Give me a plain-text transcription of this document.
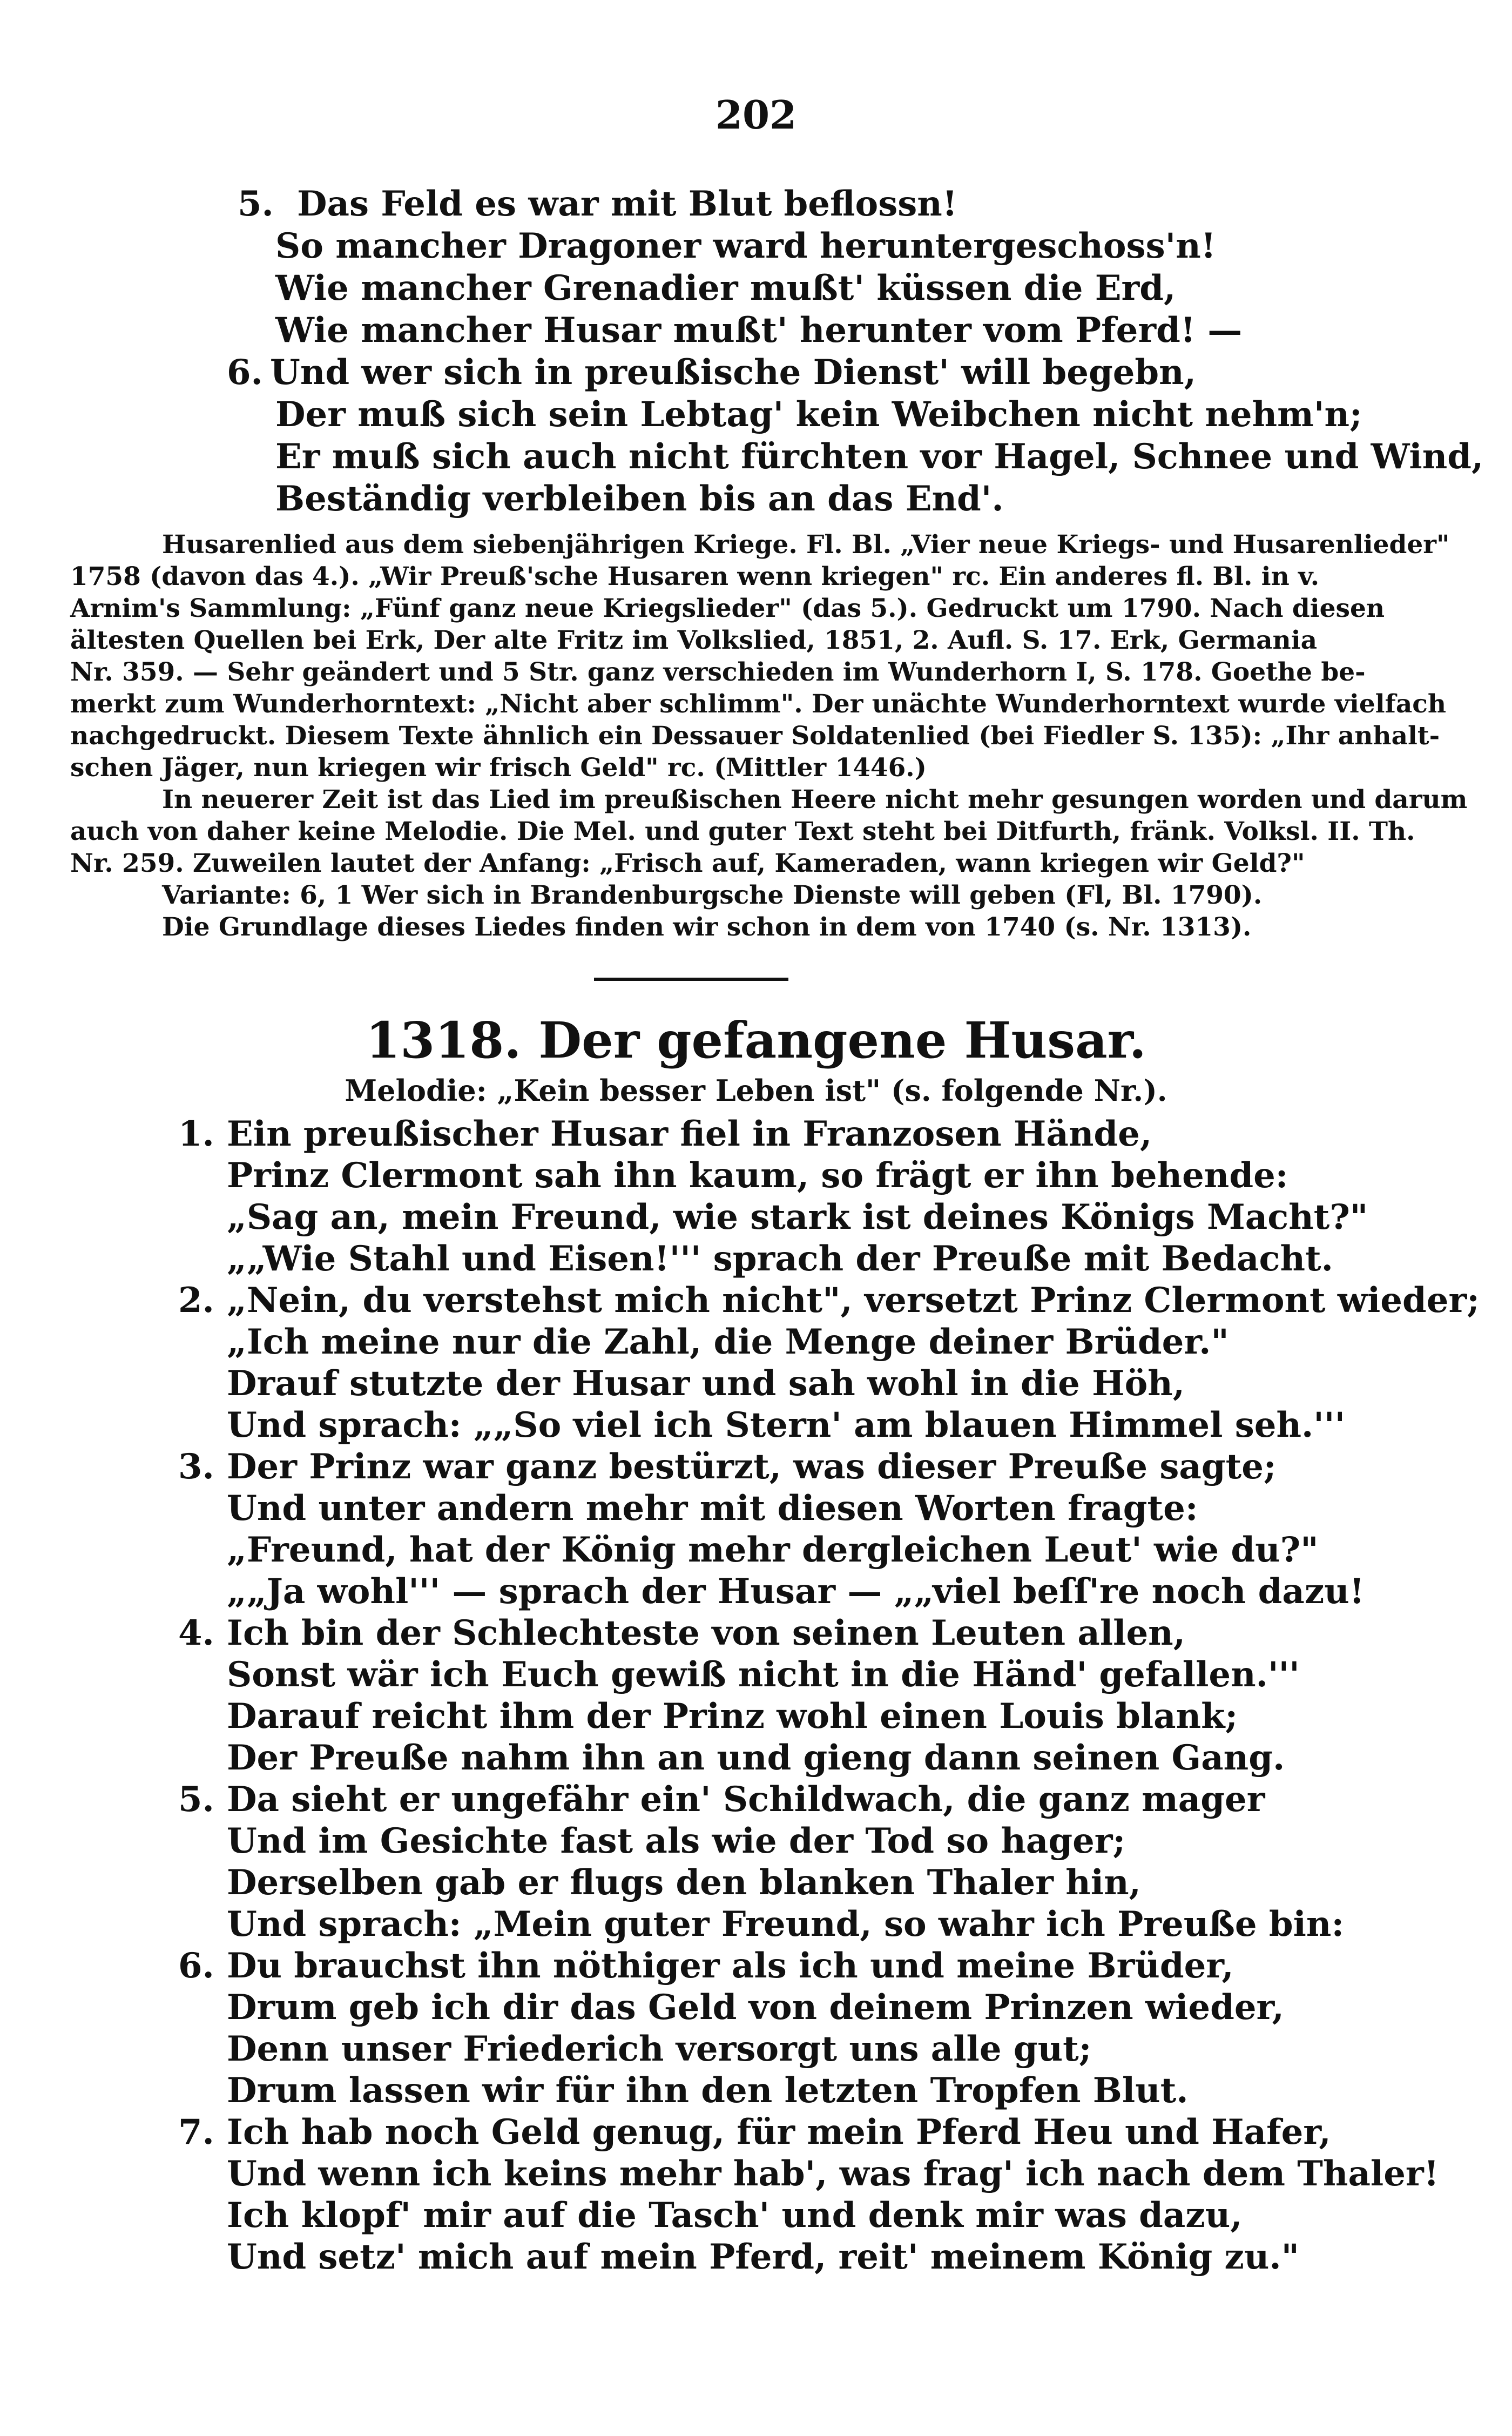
202
5. Das Feld es war mit Blut beflossn!
So mancher Dragoner ward heruntergeschoss'n!
Wie mancher Grenadier mußt' küssen die Erd,
Wie mancher Husar mußt' herunter vom Pferd! —
6. Und wer sich in preußische Dienst' will begebn,
Der muß sich sein Lebtag' kein Weibchen nicht nehm'n;
Er muß sich auch nicht fürchten vor Hagel, Schnee und Wind,
Beständig verbleiben bis an das End'.
Husarenlied aus dem siebenjährigen Kriege. Fl. Bl. „Vier neue Kriegs- und Husarenlieder"
1758 (davon das 4.). „Wir Preuß'sche Husaren wenn kriegen" rc. Ein anderes fl. Bl. in v.
Arnim's Sammlung: „Fünf ganz neue Kriegslieder" (das 5.). Gedruckt um 1790. Nach diesen
ältesten Quellen bei Erk, Der alte Fritz im Volkslied, 1851, 2. Aufl. S. 17. Erk, Germania
Nr. 359. — Sehr geändert und 5 Str. ganz verschieden im Wunderhorn I, S. 178. Goethe be-
merkt zum Wunderhorntext: „Nicht aber schlimm". Der unächte Wunderhorntext wurde vielfach
nachgedruckt. Diesem Texte ähnlich ein Dessauer Soldatenlied (bei Fiedler S. 135): „Ihr anhalt-
schen Jäger, nun kriegen wir frisch Geld" rc. (Mittler 1446.)
In neuerer Zeit ist das Lied im preußischen Heere nicht mehr gesungen worden und darum
auch von daher keine Melodie. Die Mel. und guter Text steht bei Ditfurth, fränk. Volksl. II. Th.
Nr. 259. Zuweilen lautet der Anfang: „Frisch auf, Kameraden, wann kriegen wir Geld?"
Variante: 6, 1 Wer sich in Brandenburgsche Dienste will geben (Fl, Bl. 1790).
Die Grundlage dieses Liedes finden wir schon in dem von 1740 (s. Nr. 1313).
1318. Der gefangene Husar.
Melodie: „Kein besser Leben ist" (s. folgende Nr.).
1. Ein preußischer Husar fiel in Franzosen Hände,
Prinz Clermont sah ihn kaum, so frägt er ihn behende:
„Sag an, mein Freund, wie stark ist deines Königs Macht?"
„„Wie Stahl und Eisen!''' sprach der Preuße mit Bedacht.
2. „Nein, du verstehst mich nicht", versetzt Prinz Clermont wieder;
„Ich meine nur die Zahl, die Menge deiner Brüder."
Drauf stutzte der Husar und sah wohl in die Höh,
Und sprach: „„So viel ich Stern' am blauen Himmel seh.'''
3. Der Prinz war ganz bestürzt, was dieser Preuße sagte;
Und unter andern mehr mit diesen Worten fragte:
„Freund, hat der König mehr dergleichen Leut' wie du?"
„„Ja wohl''' — sprach der Husar — „„viel beſſ're noch dazu!
4. Ich bin der Schlechteste von seinen Leuten allen,
Sonst wär ich Euch gewiß nicht in die Händ' gefallen.'''
Darauf reicht ihm der Prinz wohl einen Louis blank;
Der Preuße nahm ihn an und gieng dann seinen Gang.
5. Da sieht er ungefähr ein' Schildwach, die ganz mager
Und im Gesichte fast als wie der Tod so hager;
Derselben gab er flugs den blanken Thaler hin,
Und sprach: „Mein guter Freund, so wahr ich Preuße bin:
6. Du brauchst ihn nöthiger als ich und meine Brüder,
Drum geb ich dir das Geld von deinem Prinzen wieder,
Denn unser Friederich versorgt uns alle gut;
Drum lassen wir für ihn den letzten Tropfen Blut.
7. Ich hab noch Geld genug, für mein Pferd Heu und Hafer,
Und wenn ich keins mehr hab', was frag' ich nach dem Thaler!
Ich klopf' mir auf die Tasch' und denk mir was dazu,
Und setz' mich auf mein Pferd, reit' meinem König zu."
